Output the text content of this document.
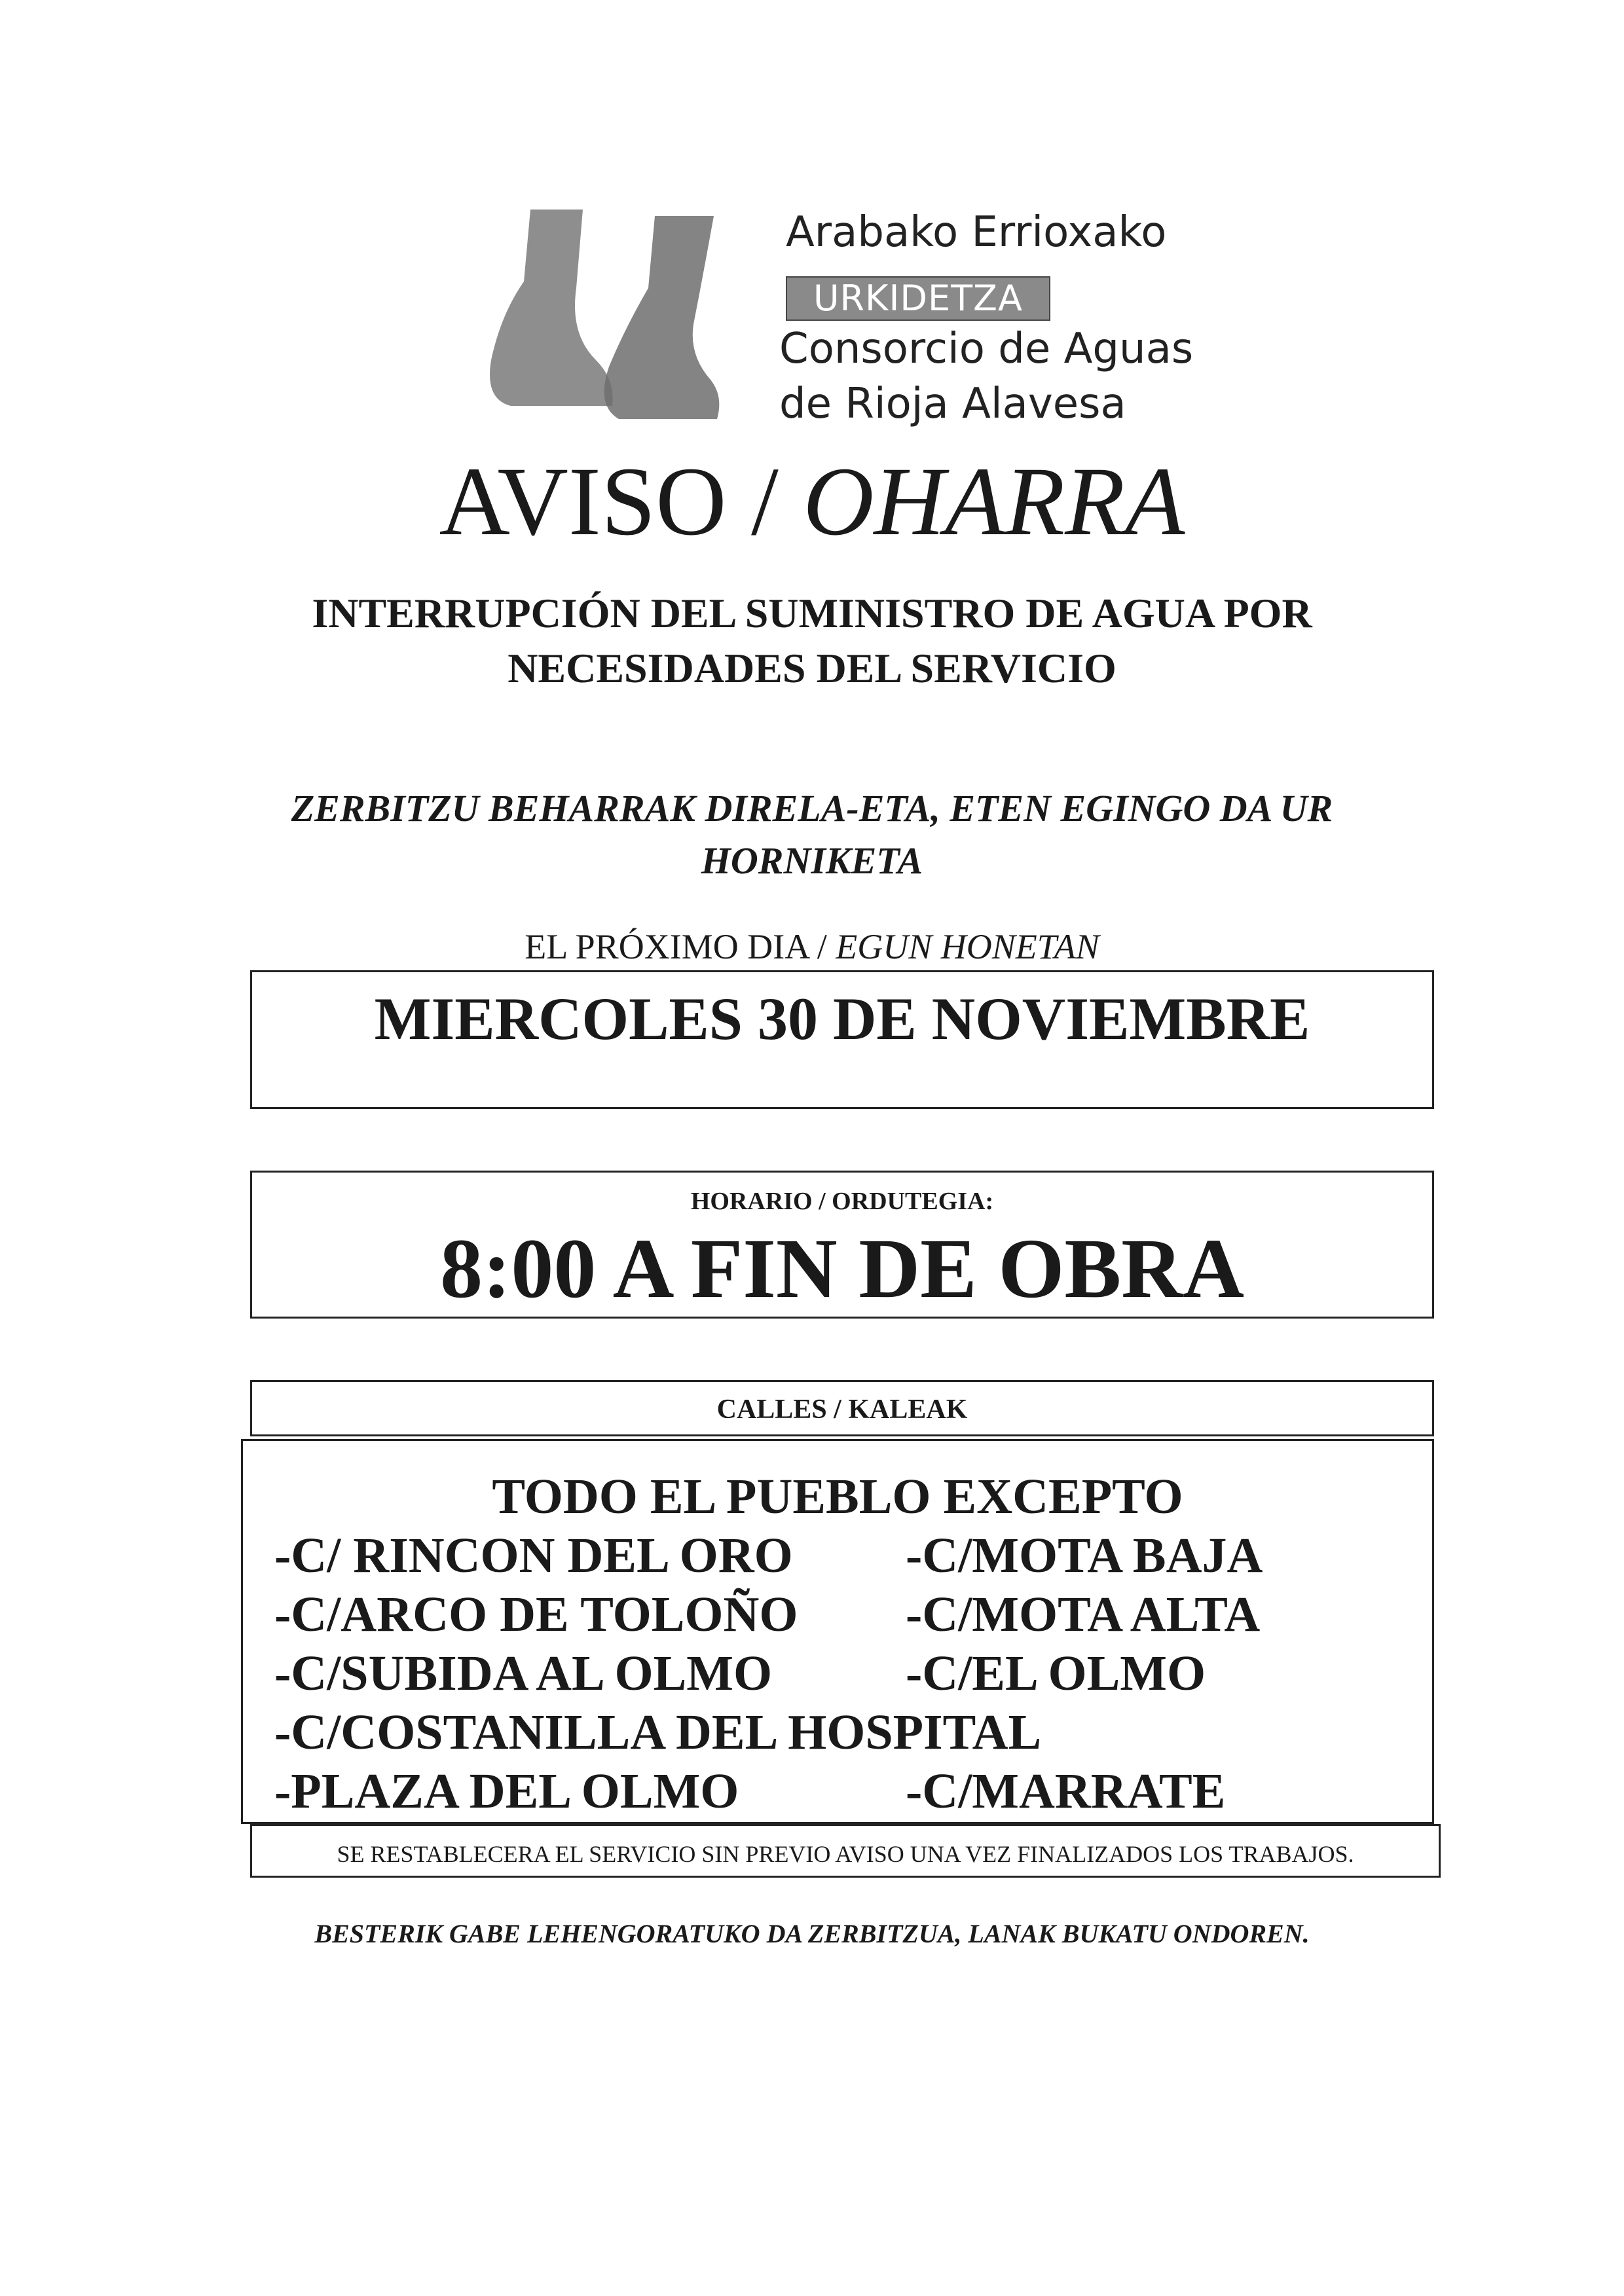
Arabako Errioxako
URKIDETZA
Consorcio de Aguas
de Rioja Alavesa
AVISO / OHARRA
INTERRUPCIÓN DEL SUMINISTRO DE AGUA POR
NECESIDADES DEL SERVICIO
ZERBITZU BEHARRAK DIRELA-ETA, ETEN EGINGO DA UR
HORNIKETA
EL PRÓXIMO DIA / EGUN HONETAN
MIERCOLES 30 DE NOVIEMBRE
HORARIO / ORDUTEGIA:
8:00 A FIN DE OBRA
CALLES / KALEAK
TODO EL PUEBLO EXCEPTO
-C/ RINCON DEL ORO -C/MOTA BAJA
-C/ARCO DE TOLOÑO -C/MOTA ALTA
-C/SUBIDA AL OLMO	-C/EL OLMO
-C/COSTANILLA DEL HOSPITAL
-PLAZA DEL OLMO	-C/MARRATE
SE RESTABLECERA EL SERVICIO SIN PREVIO AVISO UNA VEZ FINALIZADOS LOS TRABAJOS.
BESTERIK GABE LEHENGORATUKO DA ZERBITZUA, LANAK BUKATU ONDOREN.
